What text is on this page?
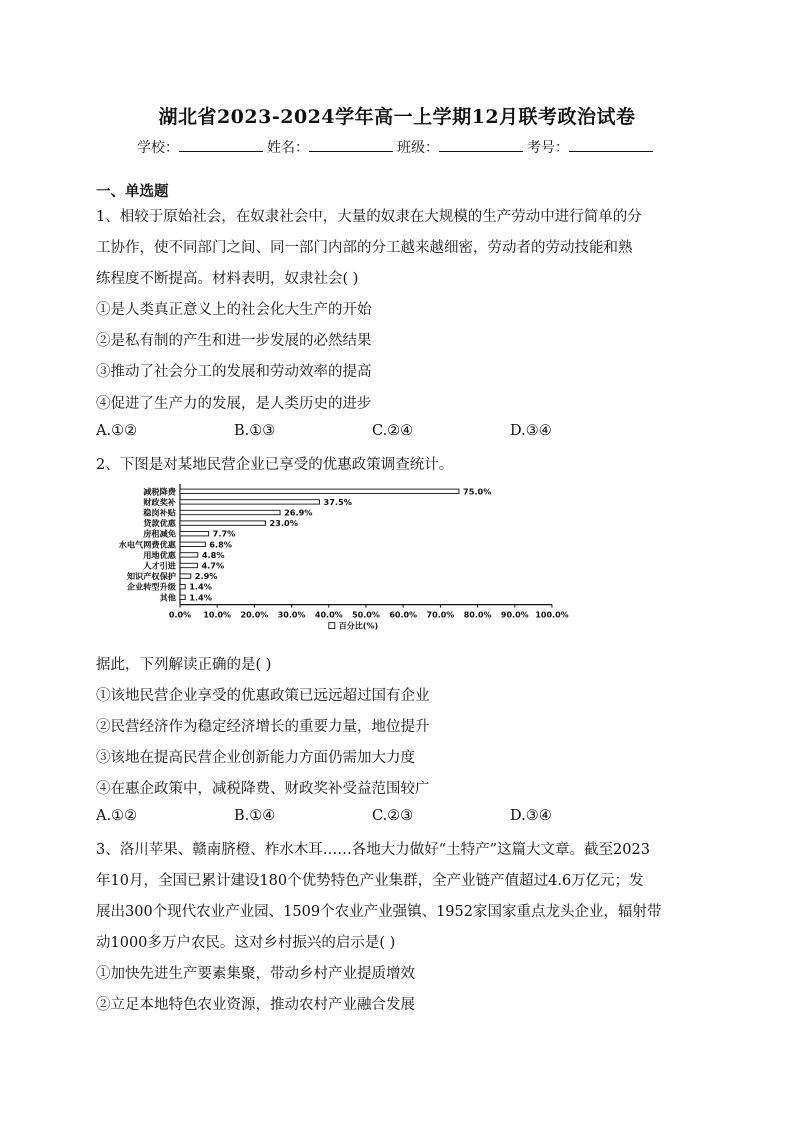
湖北省2023-2024学年高一上学期12月联考政治试卷
学校：	姓名：	班级：	考号：
一、单选题
1、相较于原始社会，在奴隶社会中，大量的奴隶在大规模的生产劳动中进行简单的分
工协作，使不同部门之间、同一部门内部的分工越来越细密，劳动者的劳动技能和熟
练程度不断提高。材料表明，奴隶社会( )
①是人类真正意义上的社会化大生产的开始
②是私有制的产生和进一步发展的必然结果
③推动了社会分工的发展和劳动效率的提高
④促进了生产力的发展，是人类历史的进步
A.①②	B.①③	C.②④	D.③④
2、下图是对某地民营企业已享受的优惠政策调查统计。
减税降费	75.0%
财政奖补	37.5%
稳岗补贴	26.9%
贷款优惠	23.0%
房租减免	7.7%
水电气网费优惠	6.8%
用地优惠	4.8%
人才引进	4.7%
知识产权保护 2.9%
企业转型升级 1.4%
其他 1.4%
0.0% 10.0% 20.0% 30.0% 40.0% 50.0% 60.0% 70.0% 80.0% 90.0% 100.0%
百分比(%)
据此，下列解读正确的是( )
①该地民营企业享受的优惠政策已远远超过国有企业
②民营经济作为稳定经济增长的重要力量，地位提升
③该地在提高民营企业创新能力方面仍需加大力度
④在惠企政策中，减税降费、财政奖补受益范围较广
A.①②	B.①④	C.②③	D.③④
3、洛川苹果、赣南脐橙、柞水木耳……各地大力做好“土特产”这篇大文章。截至2023
年10月，全国已累计建设180个优势特色产业集群，全产业链产值超过4.6万亿元；发
展出300个现代农业产业园、1509个农业产业强镇、1952家国家重点龙头企业，辐射带
动1000多万户农民。这对乡村振兴的启示是( )
①加快先进生产要素集聚，带动乡村产业提质增效
②立足本地特色农业资源，推动农村产业融合发展
